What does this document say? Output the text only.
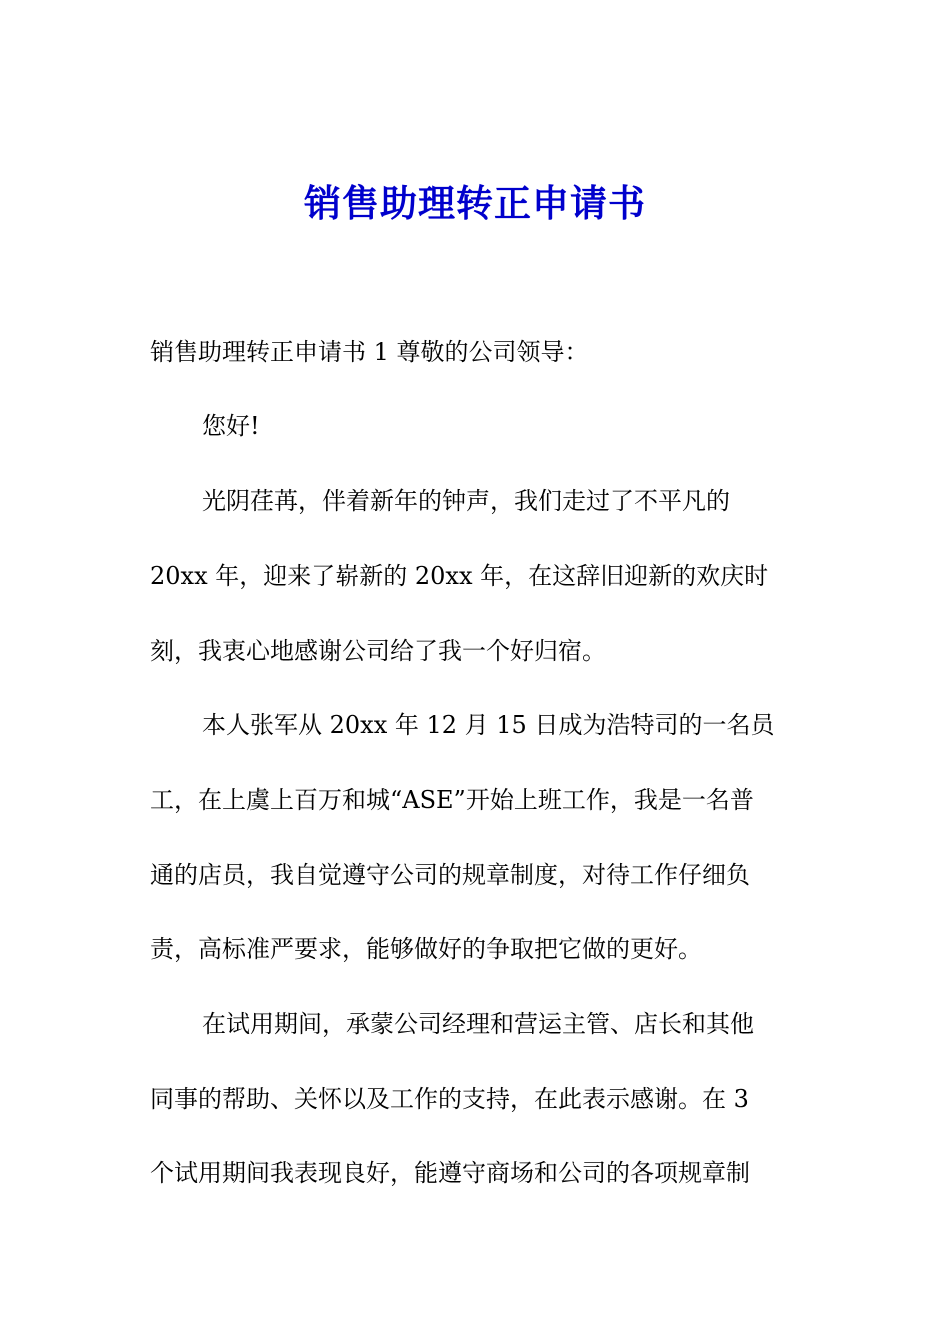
销售助理转正申请书

销售助理转正申请书 1 尊敬的公司领导：

您好!

光阴荏苒，伴着新年的钟声，我们走过了不平凡的

20xx 年，迎来了崭新的 20xx 年，在这辞旧迎新的欢庆时

刻，我衷心地感谢公司给了我一个好归宿。

本人张军从 20xx 年 12 月 15 日成为浩特司的一名员

工，在上虞上百万和城“ASE”开始上班工作，我是一名普

通的店员，我自觉遵守公司的规章制度，对待工作仔细负

责，高标准严要求，能够做好的争取把它做的更好。

在试用期间，承蒙公司经理和营运主管、店长和其他

同事的帮助、关怀以及工作的支持，在此表示感谢。在 3

个试用期间我表现良好，能遵守商场和公司的各项规章制
